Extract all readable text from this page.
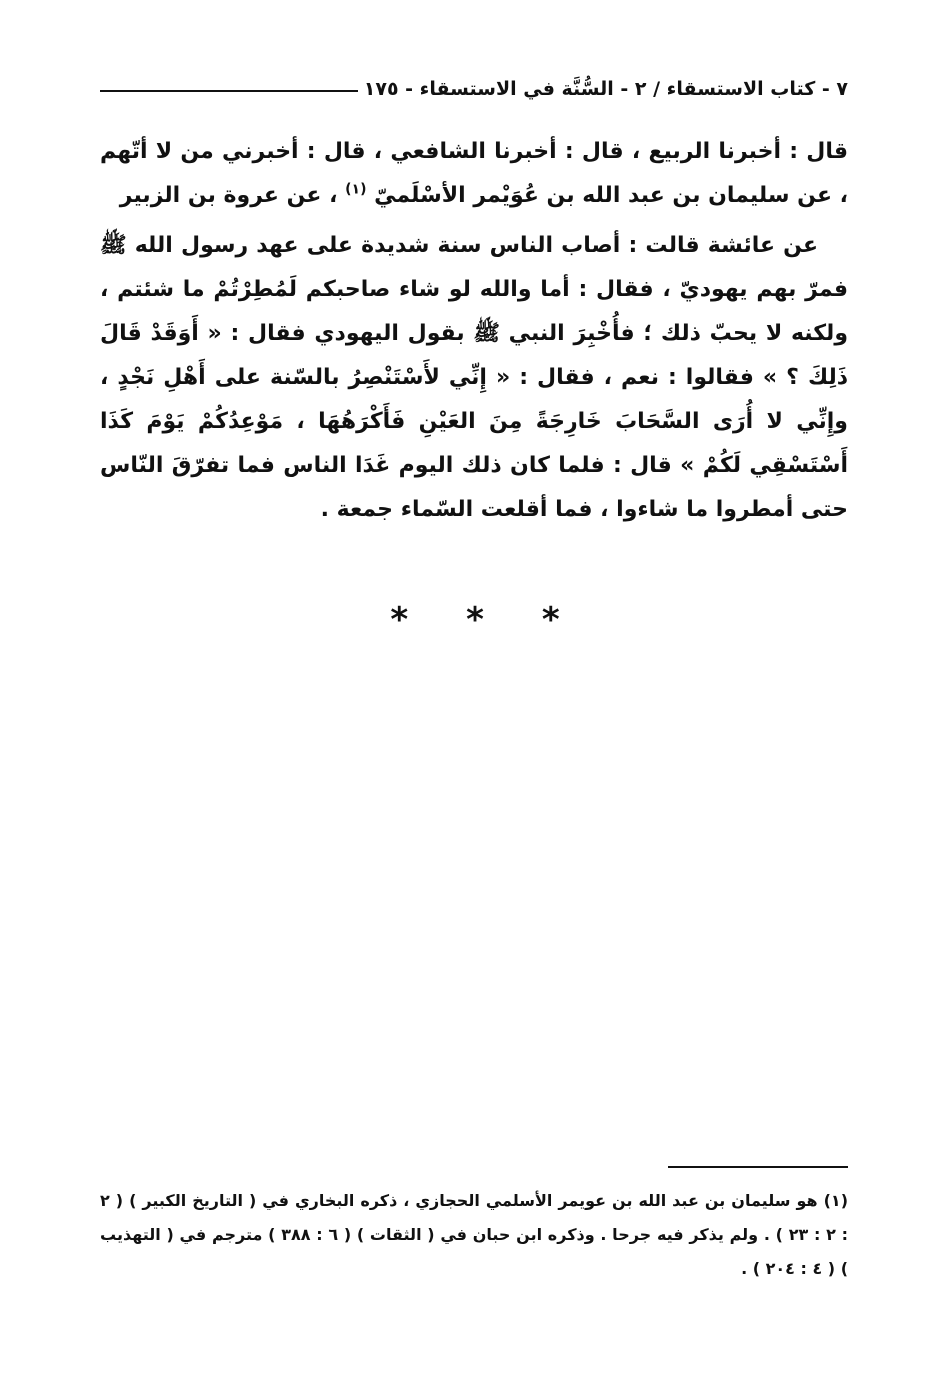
٧ - كتاب الاستسقاء / ٢ - السُّنَّة في الاستسقاء - ١٧٥

قال : أخبرنا الربيع ، قال : أخبرنا الشافعي ، قال : أخبرني من لا أتّهم ، عن سليمان بن عبد الله بن عُوَيْمر الأسْلَميّ $^{(١)}$ ، عن عروة بن الزبير

عن عائشة قالت : أصاب الناس سنة شديدة على عهد رسول الله ﷺ فمرّ بهم يهوديّ ، فقال : أما والله لو شاء صاحبكم لَمُطِرْتُمْ ما شئتم ، ولكنه لا يحبّ ذلك ؛ فأُخْبِرَ النبي ﷺ بقول اليهودي فقال : « أَوَقَدْ قَالَ ذَلِكَ ؟ » فقالوا : نعم ، فقال : « إِنِّي لأَسْتَنْصِرُ بالسّنة على أَهْلِ نَجْدٍ ، وإِنِّي لا أُرَى السَّحَابَ خَارِجَةً مِنَ العَيْنِ فَأَكْرَهُهَا ، مَوْعِدُكُمْ يَوْمَ كَذَا أَسْتَسْقِي لَكُمْ » قال : فلما كان ذلك اليوم غَدَا الناس فما تفرّقَ النّاس حتى أمطروا ما شاءوا ، فما أقلعت السّماء جمعة .

* * *

(١) هو سليمان بن عبد الله بن عويمر الأسلمي الحجازي ، ذكره البخاري في ( التاريخ الكبير ) ( ٢ : ٢ : ٢٣ ) . ولم يذكر فيه جرحا . وذكره ابن حبان في ( الثقات ) ( ٦ : ٣٨٨ ) مترجم في ( التهذيب ) ( ٤ : ٢٠٤ ) .
